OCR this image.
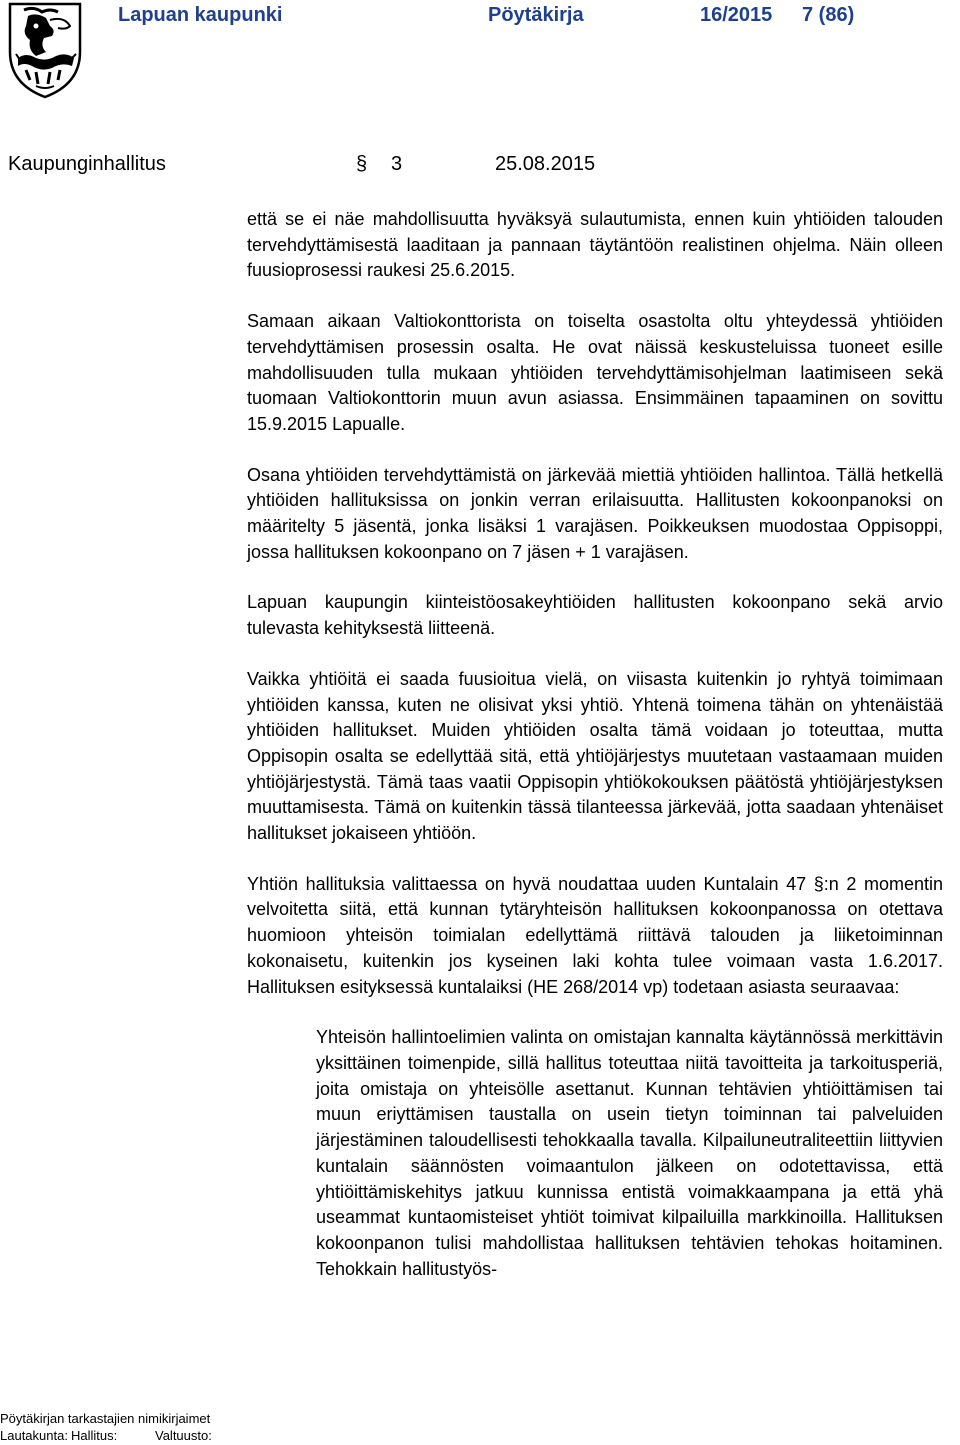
Lapuan kaupunki	Pöytäkirja	16/2015 7 (86)
Kaupunginhallitus	§ 3	25.08.2015

että se ei näe mahdollisuutta hyväksyä sulautumista, ennen kuin yhtiöiden talouden tervehdyttämisestä laaditaan ja pannaan täytäntöön realistinen ohjelma. Näin olleen fuusioprosessi raukesi 25.6.2015.

Samaan aikaan Valtiokonttorista on toiselta osastolta oltu yhteydessä yhtiöiden tervehdyttämisen prosessin osalta. He ovat näissä keskusteluissa tuoneet esille mahdollisuuden tulla mukaan yhtiöiden tervehdyttämisohjelman laatimiseen sekä tuomaan Valtiokonttorin muun avun asiassa. Ensimmäinen tapaaminen on sovittu 15.9.2015 Lapualle.

Osana yhtiöiden tervehdyttämistä on järkevää miettiä yhtiöiden hallintoa. Tällä hetkellä yhtiöiden hallituksissa on jonkin verran erilaisuutta. Hallitusten kokoonpanoksi on määritelty 5 jäsentä, jonka lisäksi 1 varajäsen. Poikkeuksen muodostaa Oppisoppi, jossa hallituksen kokoonpano on 7 jäsen + 1 varajäsen.

Lapuan kaupungin kiinteistöosakeyhtiöiden hallitusten kokoonpano sekä arvio tulevasta kehityksestä liitteenä.

Vaikka yhtiöitä ei saada fuusioitua vielä, on viisasta kuitenkin jo ryhtyä toimimaan yhtiöiden kanssa, kuten ne olisivat yksi yhtiö. Yhtenä toimena tähän on yhtenäistää yhtiöiden hallitukset. Muiden yhtiöiden osalta tämä voidaan jo toteuttaa, mutta Oppisopin osalta se edellyttää sitä, että yhtiöjärjestys muutetaan vastaamaan muiden yhtiöjärjestystä. Tämä taas vaatii Oppisopin yhtiökokouksen päätöstä yhtiöjärjestyksen muuttamisesta. Tämä on kuitenkin tässä tilanteessa järkevää, jotta saadaan yhtenäiset hallitukset jokaiseen yhtiöön.

Yhtiön hallituksia valittaessa on hyvä noudattaa uuden Kuntalain 47 §:n 2 momentin velvoitetta siitä, että kunnan tytäryhteisön hallituksen kokoonpanossa on otettava huomioon yhteisön toimialan edellyttämä riittävä talouden ja liiketoiminnan kokonaisetu, kuitenkin jos kyseinen laki kohta tulee voimaan vasta 1.6.2017. Hallituksen esityksessä kuntalaiksi (HE 268/2014 vp) todetaan asiasta seuraavaa:

Yhteisön hallintoelimien valinta on omistajan kannalta käytännössä merkittävin yksittäinen toimenpide, sillä hallitus toteuttaa niitä tavoitteita ja tarkoitusperiä, joita omistaja on yhteisölle asettanut. Kunnan tehtävien yhtiöittämisen tai muun eriyttämisen taustalla on usein tietyn toiminnan tai palveluiden järjestäminen taloudellisesti tehokkaalla tavalla. Kilpailuneutraliteettiin liittyvien kuntalain säännösten voimaantulon jälkeen on odotettavissa, että yhtiöittämiskehitys jatkuu kunnissa entistä voimakkaampana ja että yhä useammat kuntaomisteiset yhtiöt toimivat kilpailuilla markkinoilla. Hallituksen kokoonpanon tulisi mahdollistaa hallituksen tehtävien tehokas hoitaminen. Tehokkain hallitustyös-

Pöytäkirjan tarkastajien nimikirjaimet
Lautakunta: Hallitus:	Valtuusto:
